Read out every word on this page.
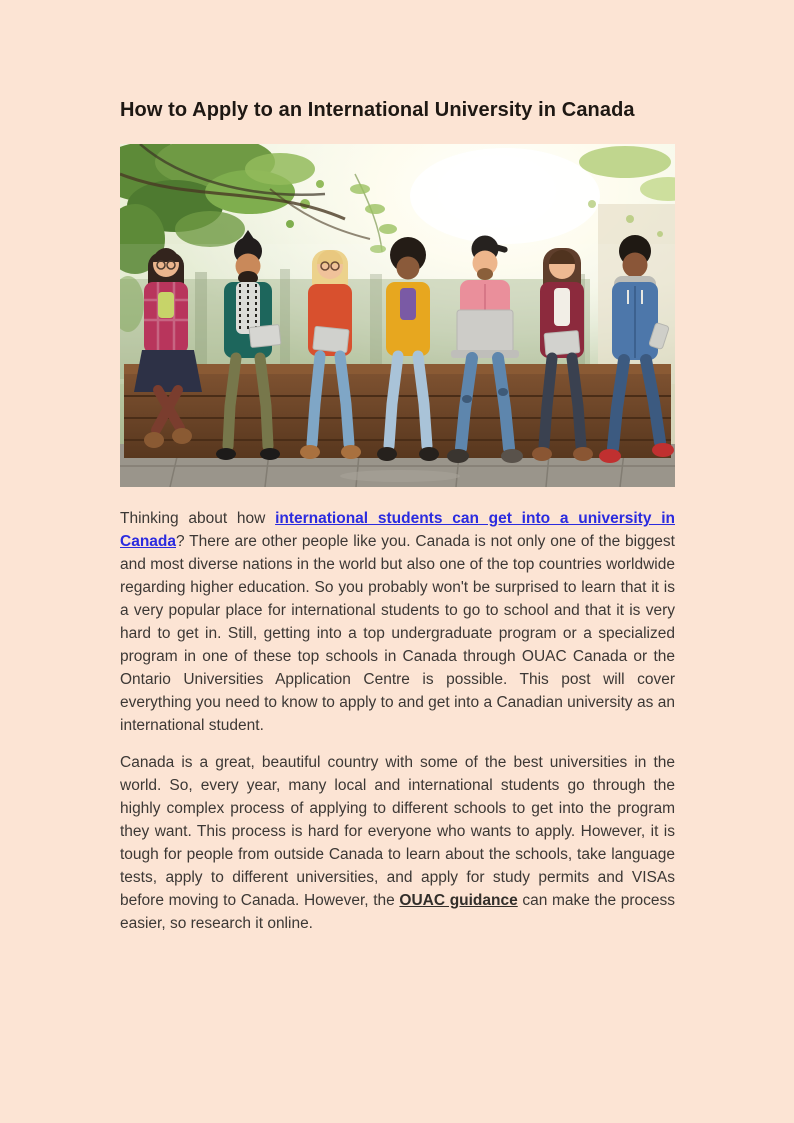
How to Apply to an International University in Canada

Thinking about how international students can get into a university in Canada? There are other people like you. Canada is not only one of the biggest and most diverse nations in the world but also one of the top countries worldwide regarding higher education. So you probably won't be surprised to learn that it is a very popular place for international students to go to school and that it is very hard to get in. Still, getting into a top undergraduate program or a specialized program in one of these top schools in Canada through OUAC Canada or the Ontario Universities Application Centre is possible. This post will cover everything you need to know to apply to and get into a Canadian university as an international student.

Canada is a great, beautiful country with some of the best universities in the world. So, every year, many local and international students go through the highly complex process of applying to different schools to get into the program they want. This process is hard for everyone who wants to apply. However, it is tough for people from outside Canada to learn about the schools, take language tests, apply to different universities, and apply for study permits and VISAs before moving to Canada. However, the OUAC guidance can make the process easier, so research it online.
